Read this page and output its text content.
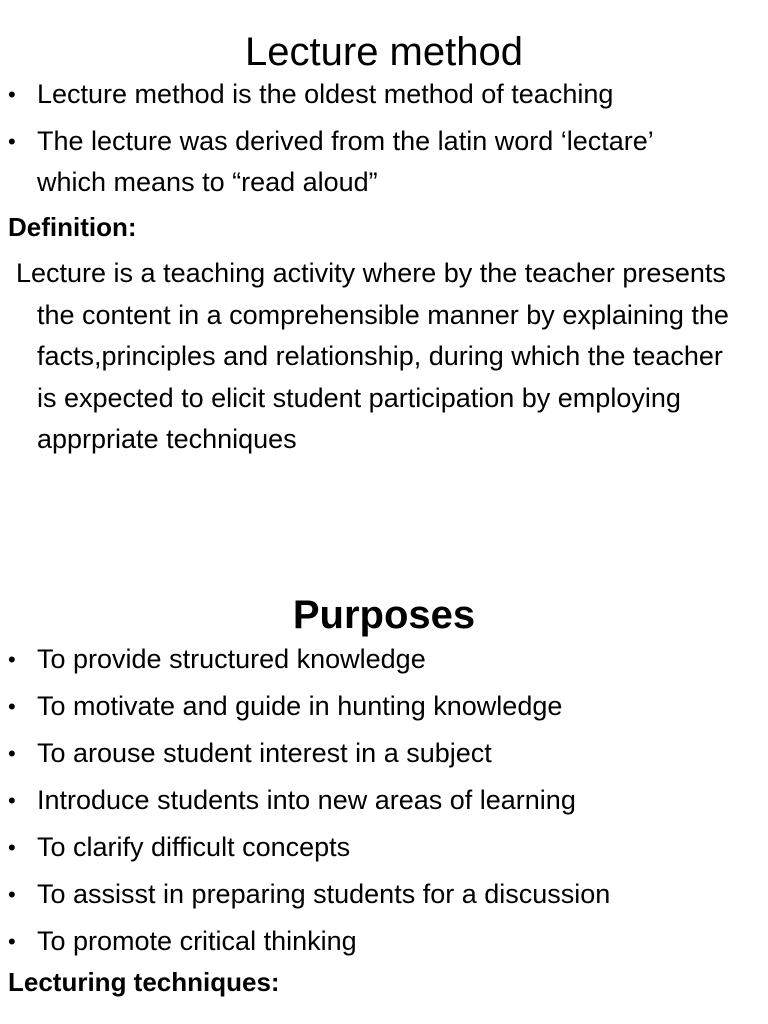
Lecture method
• Lecture method is the oldest method of teaching
• The lecture was derived from the latin word ‘lectare’ which means to “read aloud”

Definition:

Lecture is a teaching activity where by the teacher presents the content in a comprehensible manner by explaining the facts,principles and relationship, during which the teacher is expected to elicit student participation by employing apprpriate techniques

Purposes
• To provide structured knowledge
• To motivate and guide in hunting knowledge
• To arouse student interest in a subject
• Introduce students into new areas of learning
• To clarify difficult concepts
• To assisst in preparing students for a discussion
• To promote critical thinking

Lecturing techniques:
